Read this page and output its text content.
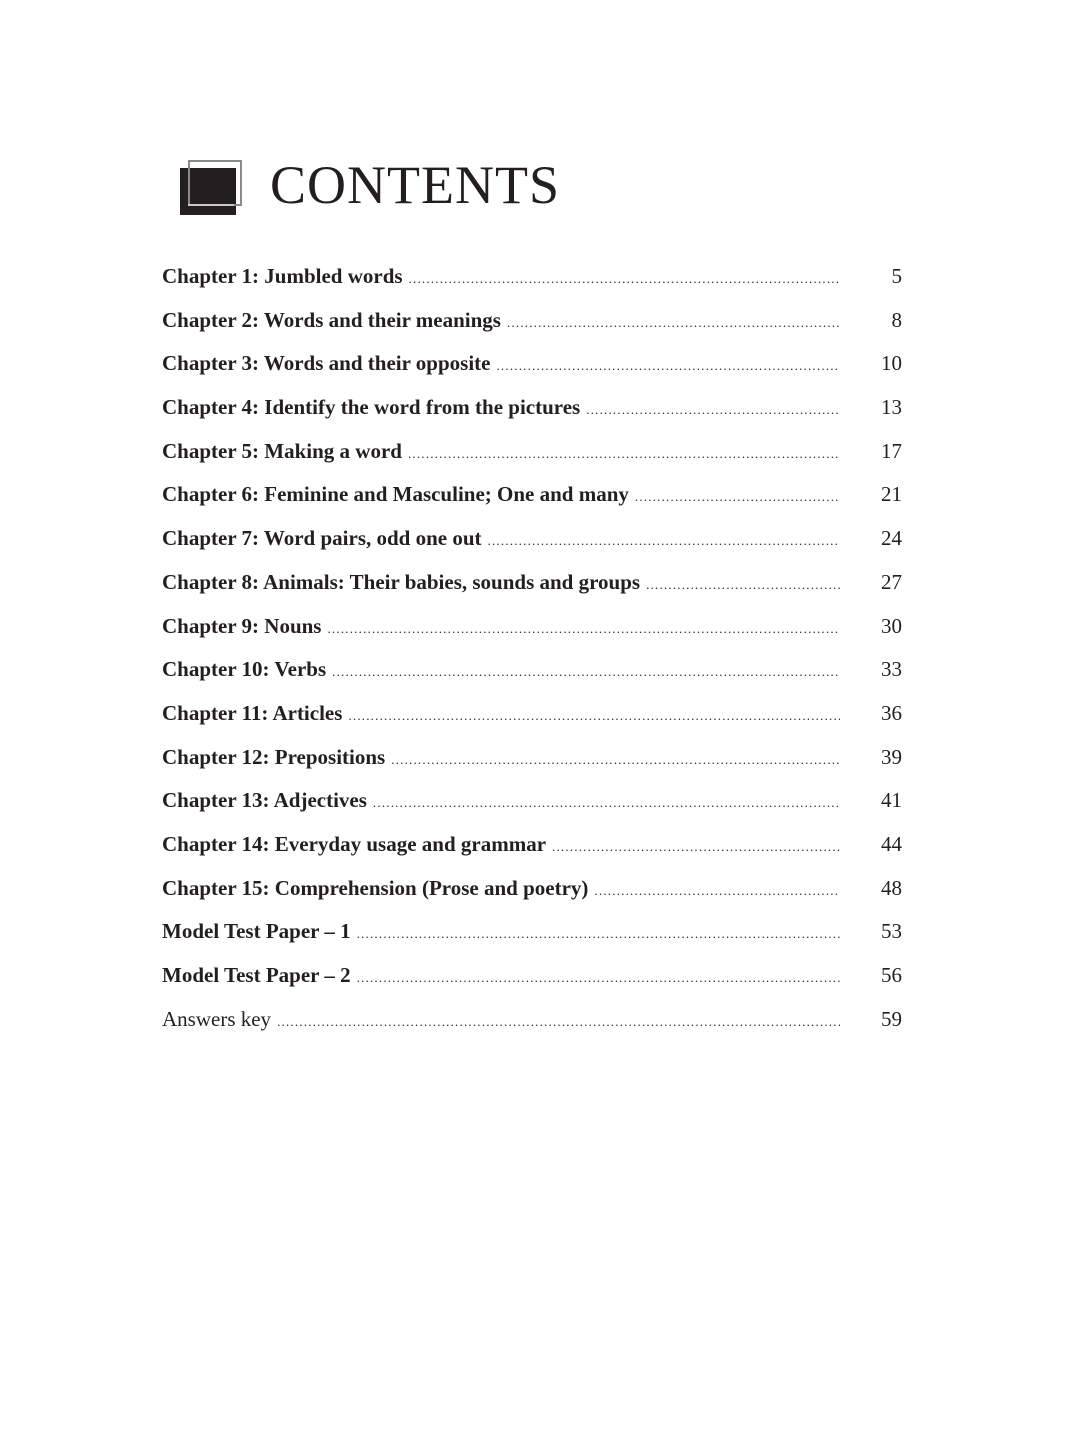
CONTENTS
Chapter 1: Jumbled words .....	5
Chapter 2: Words and their meanings .....	8
Chapter 3: Words and their opposite .....	10
Chapter 4: Identify the word from the pictures .....	13
Chapter 5: Making a word .....	17
Chapter 6: Feminine and Masculine; One and many .....	21
Chapter 7: Word pairs, odd one out .....	24
Chapter 8: Animals: Their babies, sounds and groups .....	27
Chapter 9: Nouns .....	30
Chapter 10: Verbs .....	33
Chapter 11: Articles .....	36
Chapter 12: Prepositions .....	39
Chapter 13: Adjectives .....	41
Chapter 14: Everyday usage and grammar .....	44
Chapter 15: Comprehension (Prose and poetry) .....	48
Model Test Paper – 1 .....	53
Model Test Paper – 2 .....	56
Answers key .....	59
